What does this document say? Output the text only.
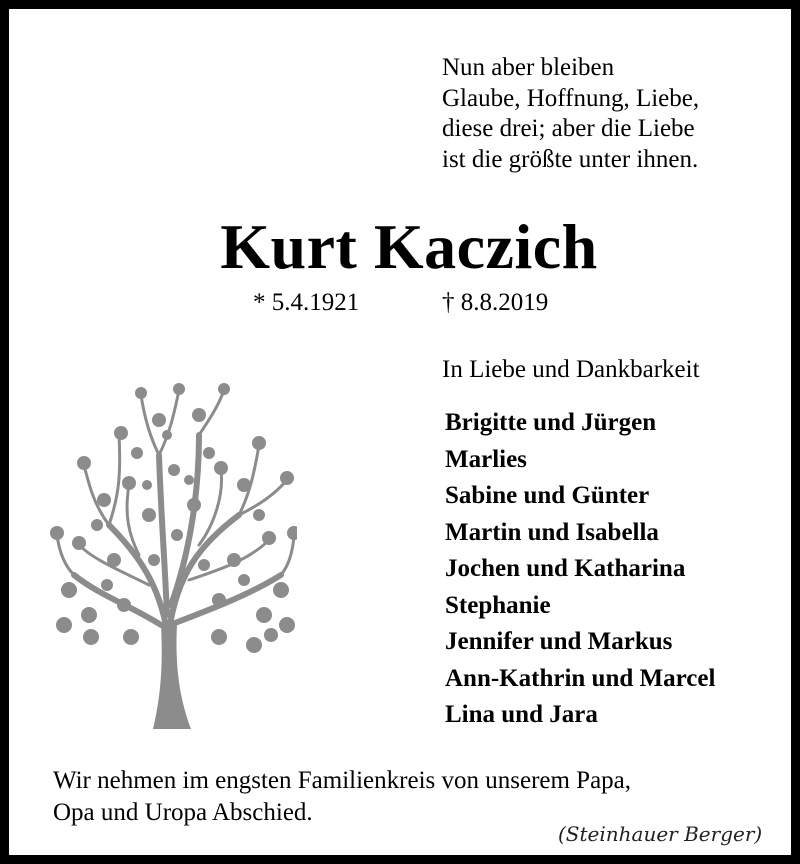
Nun aber bleiben
Glaube, Hoffnung, Liebe,
diese drei; aber die Liebe
ist die größte unter ihnen.
Kurt Kaczich
* 5.4.1921	† 8.8.2019
In Liebe und Dankbarkeit
Brigitte und Jürgen
Marlies
Sabine und Günter
Martin und Isabella
Jochen und Katharina
Stephanie
Jennifer und Markus
Ann-Kathrin und Marcel
Lina und Jara
Wir nehmen im engsten Familienkreis von unserem Papa,
Opa und Uropa Abschied.
(Steinhauer Berger)
